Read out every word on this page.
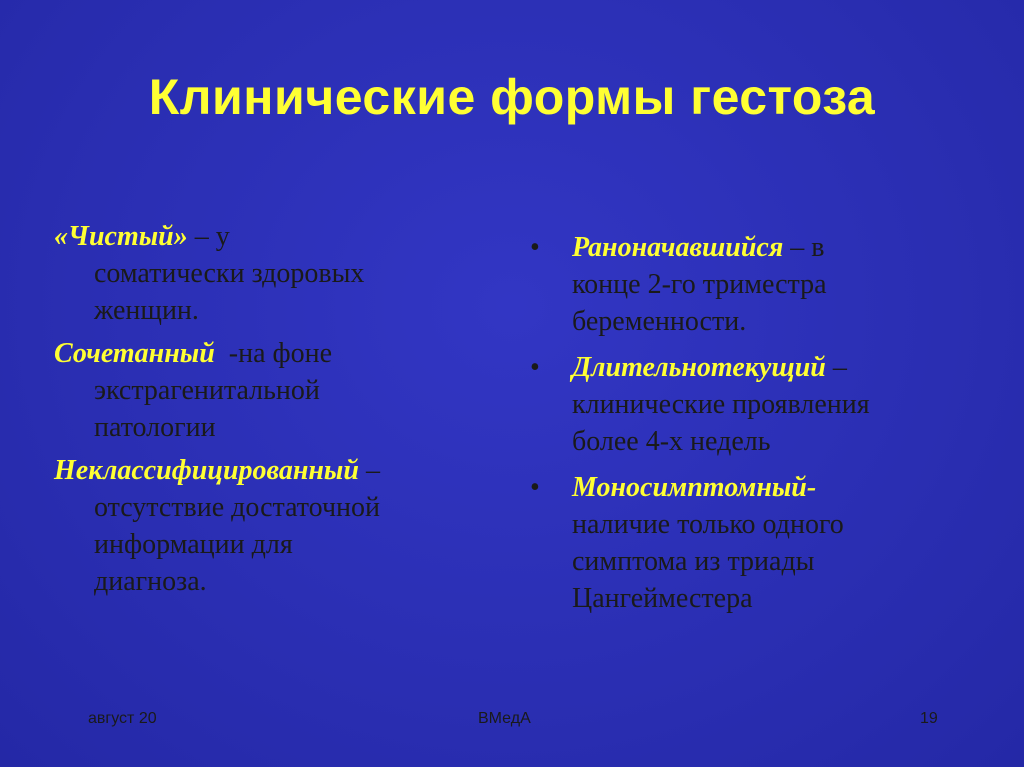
Клинические формы гестоза
«Чистый» – у
соматически здоровых
женщин.
Сочетанный  -на фоне
экстрагенитальной
патологии
Неклассифицированный –
отсутствие достаточной
информации для
диагноза.
•	Раноначавшийся – в
конце 2-го триместра
беременности.
•	Длительнотекущий –
клинические проявления
более 4-х недель
•	Моносимптомный-
наличие только одного
симптома из триады
Цангейместера
август 20	ВМедА	19
